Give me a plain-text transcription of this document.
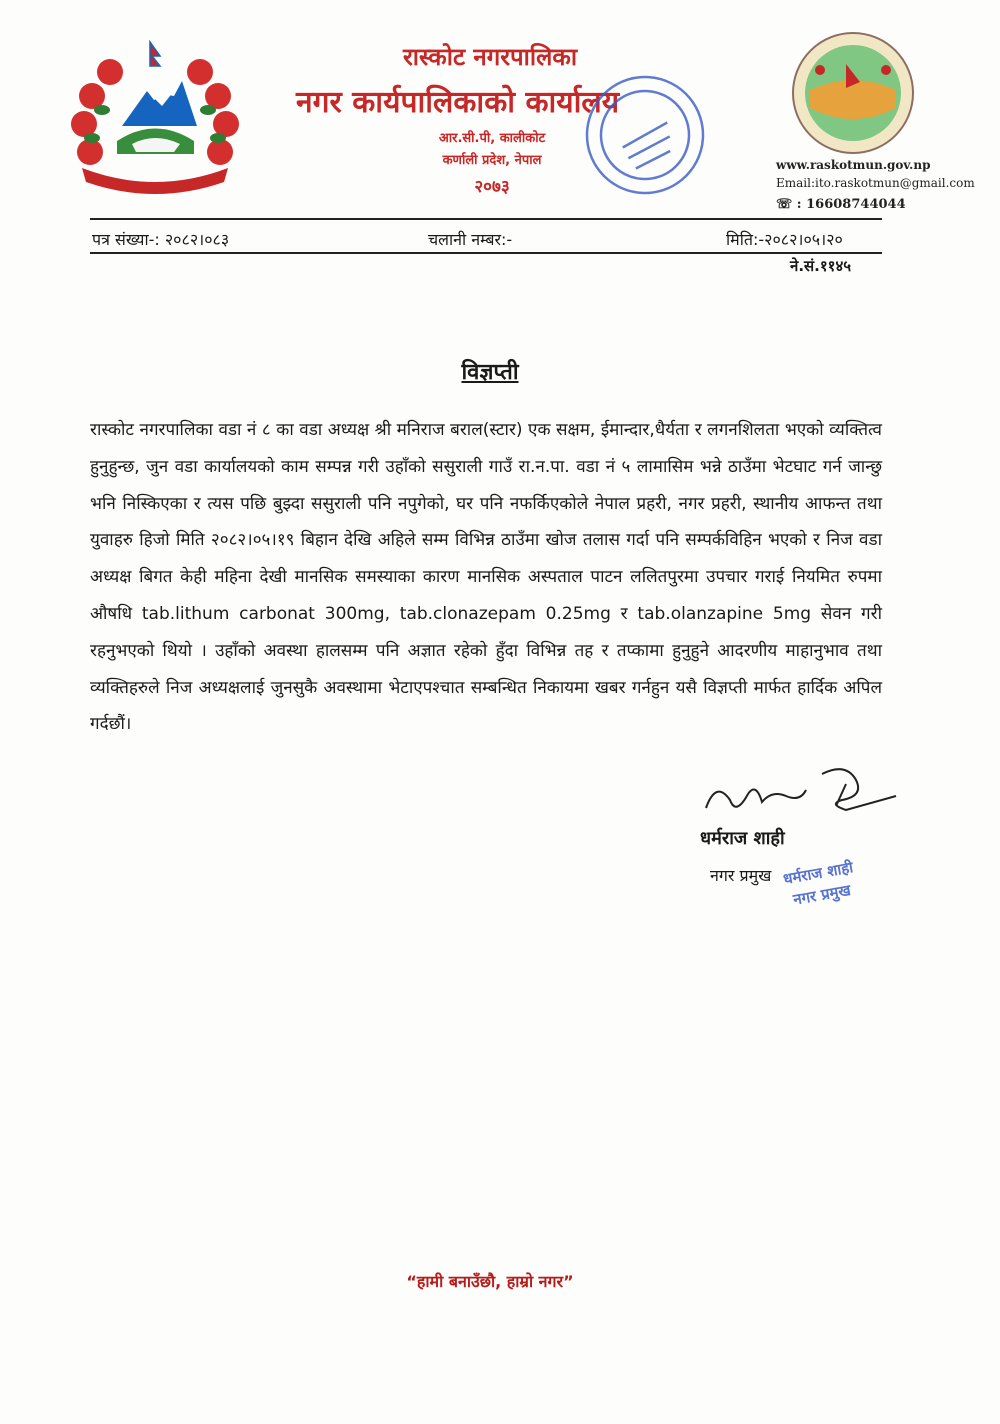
रास्कोट नगरपालिका
नगर कार्यपालिकाको कार्यालय
आर.सी.पी, कालीकोट
कर्णाली प्रदेश, नेपाल
२०७३
www.raskotmun.gov.np
Email:ito.raskotmun@gmail.com
☏ : 16608744044
पत्र संख्या-: २०८२।०८३	चलानी नम्बर:-	मिति:-२०८२।०५।२०
ने.सं.११४५
विज्ञप्ती
रास्कोट नगरपालिका वडा नं ८ का वडा अध्यक्ष श्री मनिराज बराल(स्टार) एक सक्षम, ईमान्दार,धैर्यता र लगनशिलता भएको व्यक्तित्व हुनुहुन्छ, जुन वडा कार्यालयको काम सम्पन्न गरी उहाँको ससुराली गाउँ रा.न.पा. वडा नं ५ लामासिम भन्ने ठाउँमा भेटघाट गर्न जान्छु भनि निस्किएका र त्यस पछि बुझ्दा ससुराली पनि नपुगेको, घर पनि नफर्किएकोले नेपाल प्रहरी, नगर प्रहरी, स्थानीय आफन्त तथा युवाहरु हिजो मिति २०८२।०५।१९ बिहान देखि अहिले सम्म विभिन्न ठाउँमा खोज तलास गर्दा पनि सम्पर्कविहिन भएको र निज वडा अध्यक्ष बिगत केही महिना देखी मानसिक समस्याका कारण मानसिक अस्पताल पाटन ललितपुरमा उपचार गराई नियमित रुपमा औषधि tab.lithum carbonat 300mg, tab.clonazepam 0.25mg र tab.olanzapine 5mg सेवन गरी रहनुभएको थियो । उहाँको अवस्था हालसम्म पनि अज्ञात रहेको हुँदा विभिन्न तह र तप्कामा हुनुहुने आदरणीय माहानुभाव तथा व्यक्तिहरुले निज अध्यक्षलाई जुनसुकै अवस्थामा भेटाएपश्चात सम्बन्धित निकायमा खबर गर्नहुन यसै विज्ञप्ती मार्फत हार्दिक अपिल गर्दछौं।
धर्मराज शाही
नगर प्रमुख धर्मराज शाही
नगर प्रमुख
“हामी बनाउँछौ, हाम्रो नगर”
